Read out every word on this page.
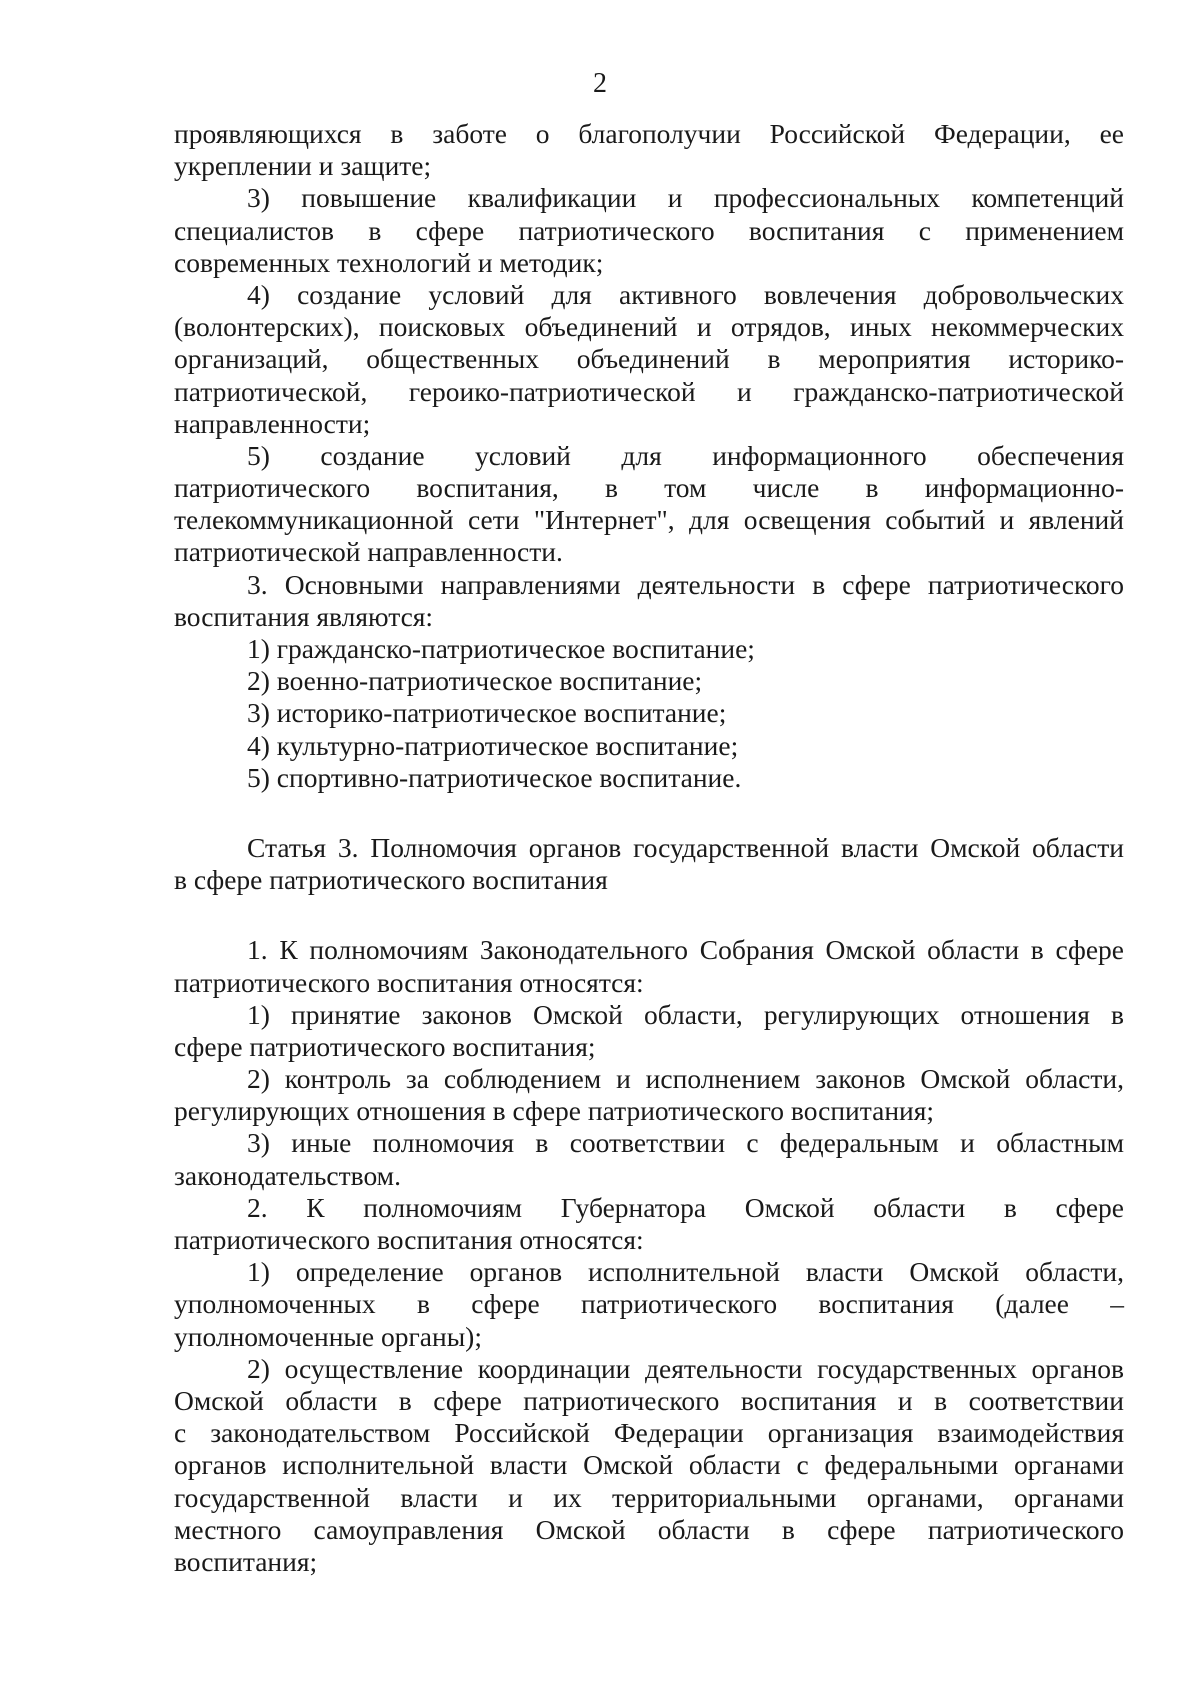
2
проявляющихся в заботе о благополучии Российской Федерации, ее
укреплении и защите;
3) повышение квалификации и профессиональных компетенций
специалистов в сфере патриотического воспитания с применением
современных технологий и методик;
4) создание условий для активного вовлечения добровольческих
(волонтерских), поисковых объединений и отрядов, иных некоммерческих
организаций, общественных объединений в мероприятия историко-
патриотической, героико-патриотической и гражданско-патриотической
направленности;
5) создание условий для информационного обеспечения
патриотического воспитания, в том числе в информационно-
телекоммуникационной сети "Интернет", для освещения событий и явлений
патриотической направленности.
3. Основными направлениями деятельности в сфере патриотического
воспитания являются:
1) гражданско-патриотическое воспитание;
2) военно-патриотическое воспитание;
3) историко-патриотическое воспитание;
4) культурно-патриотическое воспитание;
5) спортивно-патриотическое воспитание.
Статья 3. Полномочия органов государственной власти Омской области
в сфере патриотического воспитания
1. К полномочиям Законодательного Собрания Омской области в сфере
патриотического воспитания относятся:
1) принятие законов Омской области, регулирующих отношения в
сфере патриотического воспитания;
2) контроль за соблюдением и исполнением законов Омской области,
регулирующих отношения в сфере патриотического воспитания;
3) иные полномочия в соответствии с федеральным и областным
законодательством.
2. К полномочиям Губернатора Омской области в сфере
патриотического воспитания относятся:
1) определение органов исполнительной власти Омской области,
уполномоченных в сфере патриотического воспитания (далее –
уполномоченные органы);
2) осуществление координации деятельности государственных органов
Омской области в сфере патриотического воспитания и в соответствии
с законодательством Российской Федерации организация взаимодействия
органов исполнительной власти Омской области с федеральными органами
государственной власти и их территориальными органами, органами
местного самоуправления Омской области в сфере патриотического
воспитания;
